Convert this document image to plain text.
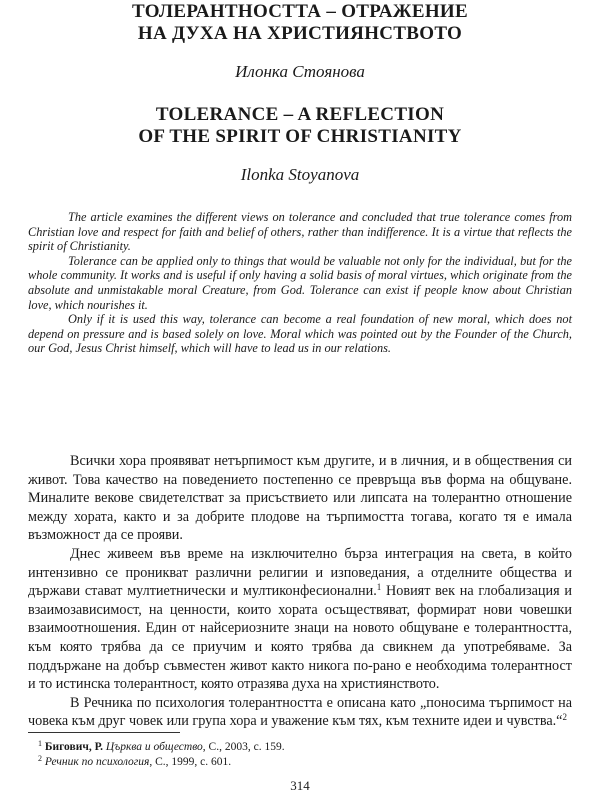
ТОЛЕРАНТНОСТТА – ОТРАЖЕНИЕ
НА ДУХА НА ХРИСТИЯНСТВОТО
Илонка Стоянова
TOLERANCE – A REFLECTION
OF THE SPIRIT OF CHRISTIANITY
Ilonka Stoyanova

The article examines the different views on tolerance and concluded that true tolerance comes from Christian love and respect for faith and belief of others, rather than indifference. It is a virtue that reflects the spirit of Christianity.

Tolerance can be applied only to things that would be valuable not only for the individual, but for the whole community. It works and is useful if only having a solid basis of moral virtues, which originate from the absolute and unmistakable moral Creature, from God. Tolerance can exist if people know about Christian love, which nourishes it.

Only if it is used this way, tolerance can become a real foundation of new moral, which does not depend on pressure and is based solely on love. Moral which was pointed out by the Founder of the Church, our God, Jesus Christ himself, which will have to lead us in our relations.

Всички хора проявяват нетърпимост към другите, и в личния, и в обществения си живот. Това качество на поведението постепенно се превръща във форма на общуване. Миналите векове свидетелстват за присъствието или липсата на толерантно отношение между хората, както и за добрите плодове на търпимостта тогава, когато тя е имала възможност да се прояви.

Днес живеем във време на изключително бърза интеграция на света, в който интензивно се проникват различни религии и изповедания, а отделните общества и държави стават мултиетнически и мултиконфесионални.$^1$ Новият век на глобализация и взаимозависимост, на ценности, които хората осъществяват, формират нови човешки взаимоотношения. Един от найсериозните знаци на новото общуване е толерантността, към която трябва да се приучим и която трябва да свикнем да употребяваме. За поддържане на добър съвместен живот както никога по-рано е необходима толерантност и то истинска толерантност, която отразява духа на християнството.

В Речника по психология толерантността е описана като „поносима търпимост на човека към друг човек или група хора и уважение към тях, към техните идеи и чувства.“$^2$

$^1$ Бигович, Р. Църква и общество, С., 2003, с. 159.
$^2$ Речник по психология, С., 1999, с. 601.
314
